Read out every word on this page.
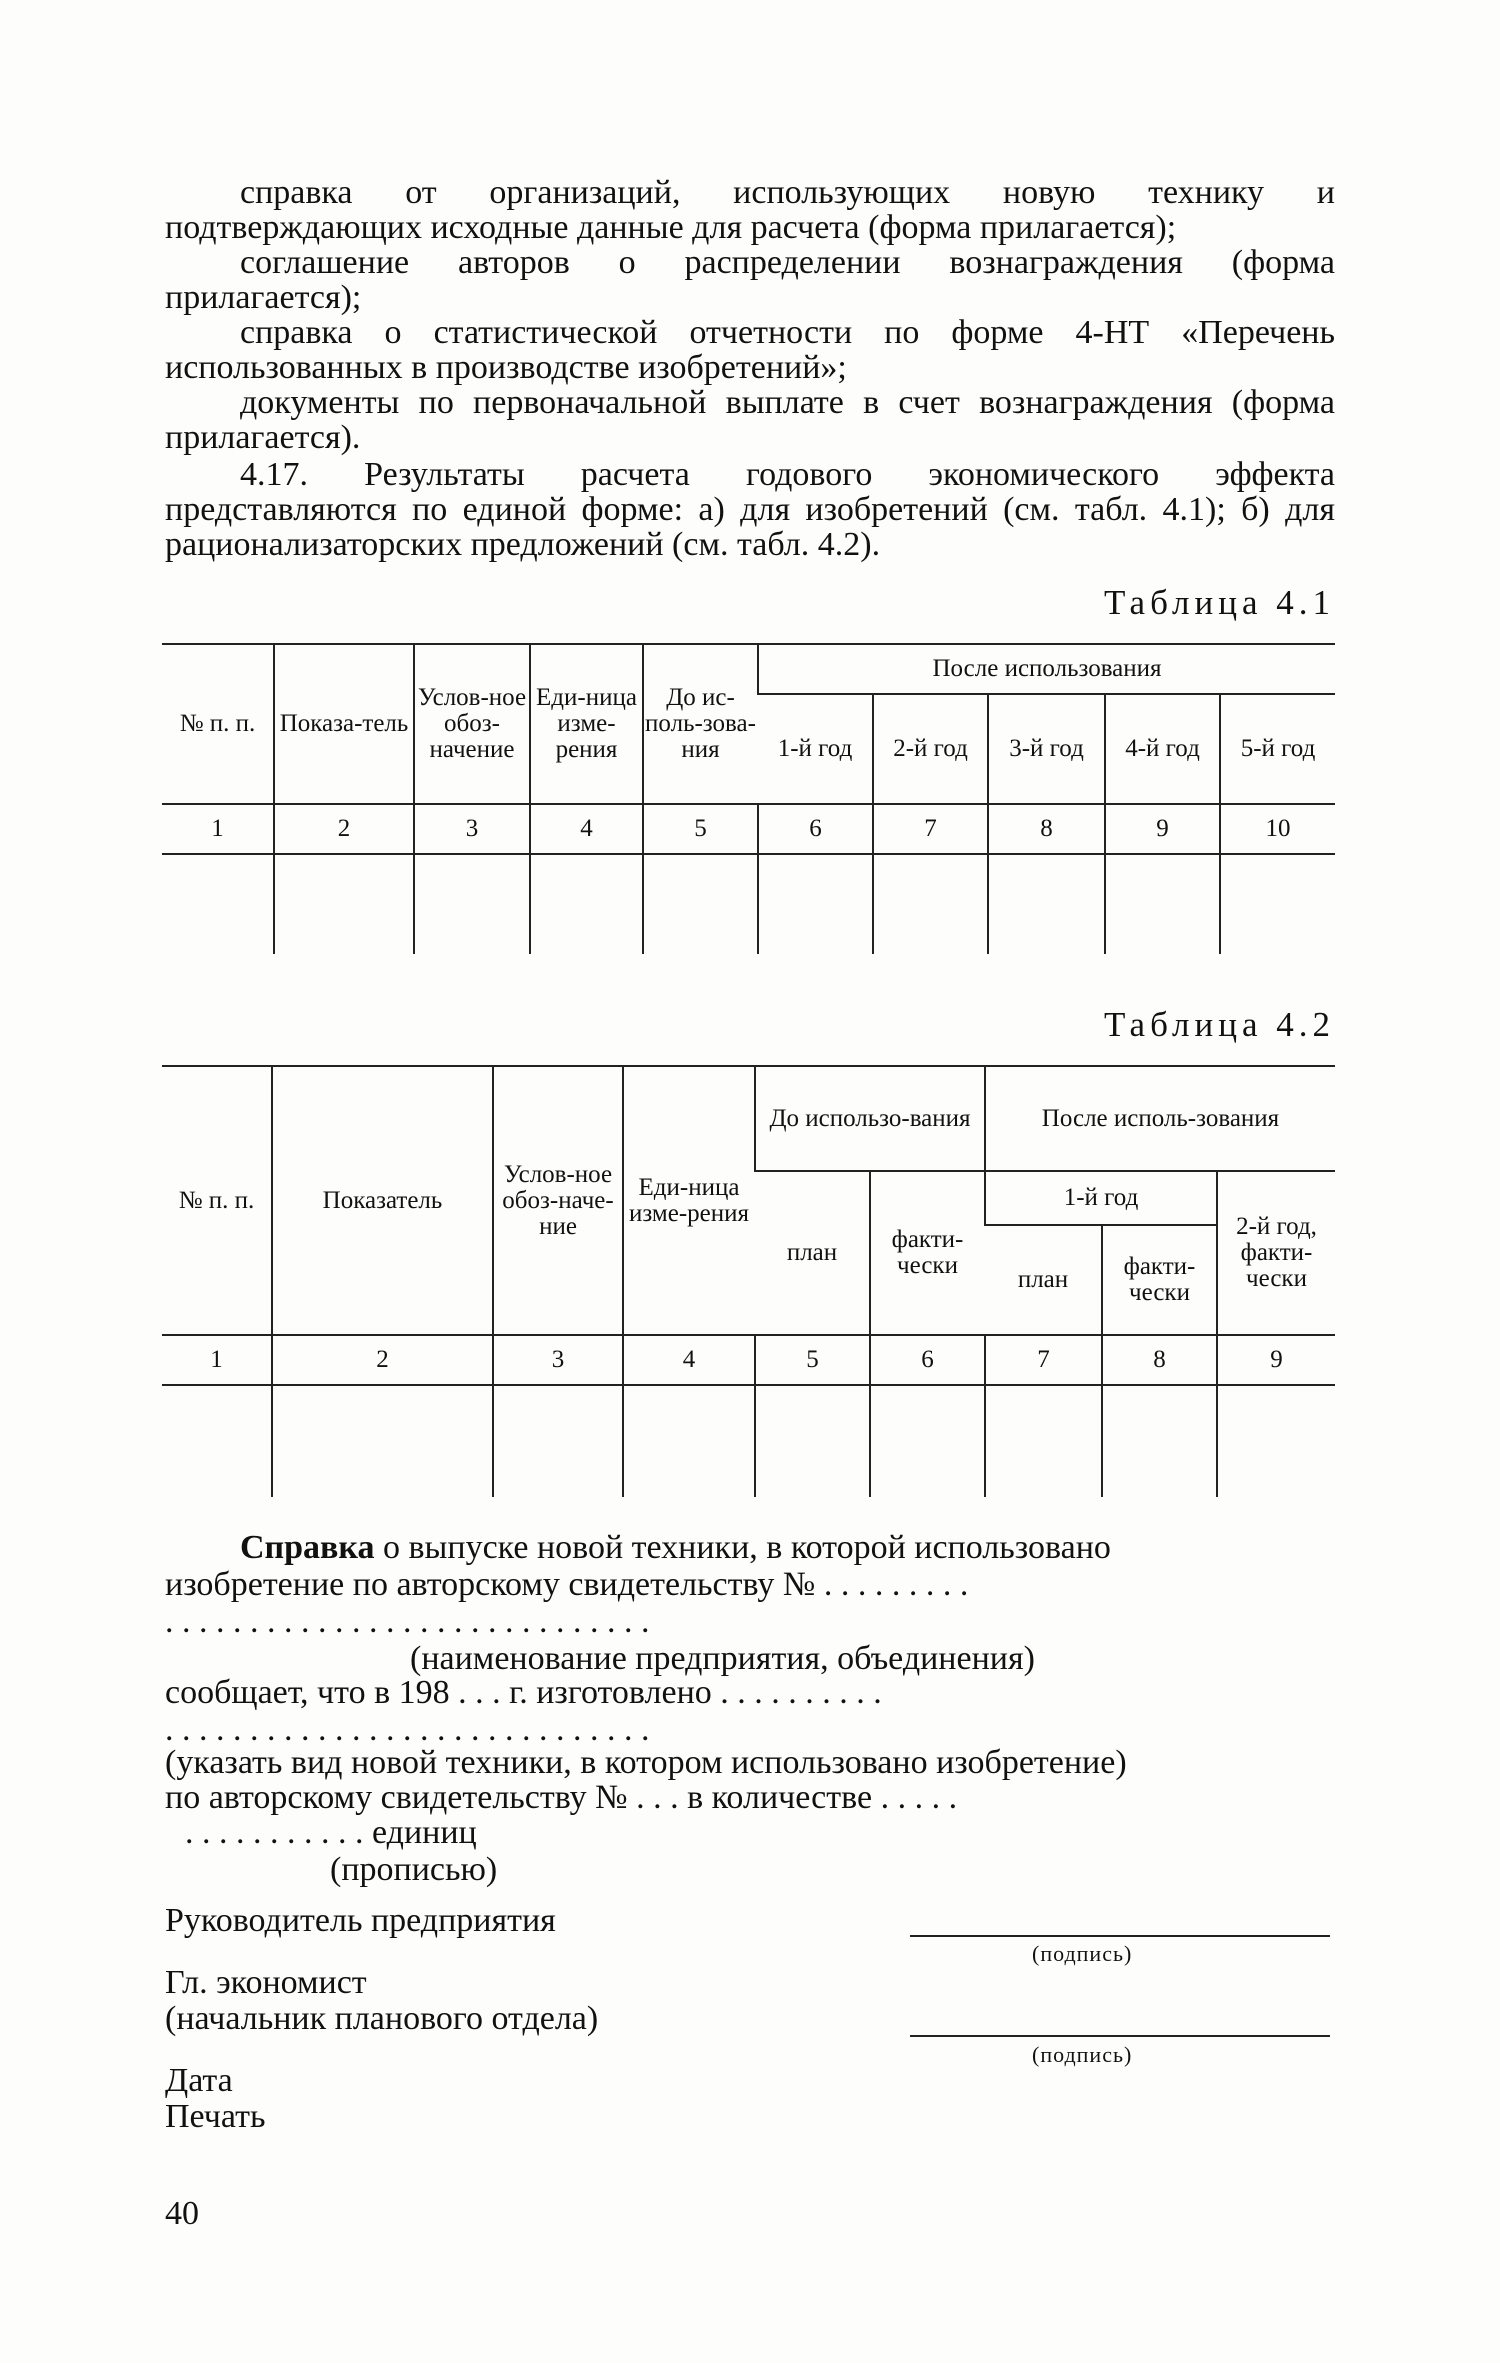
справка от организаций, использующих новую технику и подтверждающих исходные данные для расчета (форма прилагается);

соглашение авторов о распределении вознаграждения (форма прилагается);

справка о статистической отчетности по форме 4-НТ «Перечень использованных в производстве изобретений»;

документы по первоначальной выплате в счет вознаграждения (форма прилагается).

4.17. Результаты расчета годового экономического эффекта представляются по единой форме: а) для изобретений (см. табл. 4.1); б) для рационализаторских предложений (см. табл. 4.2).

Таблица 4.1
№ п. п.	Показа-тель	Услов-ное обоз-начение	Еди-ница изме-рения	До ис-поль-зова-ния	После использования				
					1-й год	2-й год	3-й год	4-й год	5-й год
1	2	3	4	5	6	7	8	9	10

Таблица 4.2
№ п. п.	Показатель	Услов-ное обоз-наче-ние	Еди-ница изме-рения	До использо-вания		После исполь-зования		
				план	факти-чески	1-й год		2-й год, факти-чески
						план	факти-чески	
1	2	3	4	5	6	7	8	9

Справка о выпуске новой техники, в которой использовано
изобретение по авторскому свидетельству № . . . . . . . . .
. . . . . . . . . . . . . . . . . . . . . . . . . . . . .
(наименование предприятия, объединения)
сообщает, что в 198 . . . г. изготовлено . . . . . . . . . .
. . . . . . . . . . . . . . . . . . . . . . . . . . . . .
(указать вид новой техники, в котором использовано изобретение)
по авторскому свидетельству № . . . в количестве . . . . .
. . . . . . . . . . . единиц
(прописью)
Руководитель предприятия
(подпись)
Гл. экономист
(начальник планового отдела)
(подпись)
Дата
Печать
40
